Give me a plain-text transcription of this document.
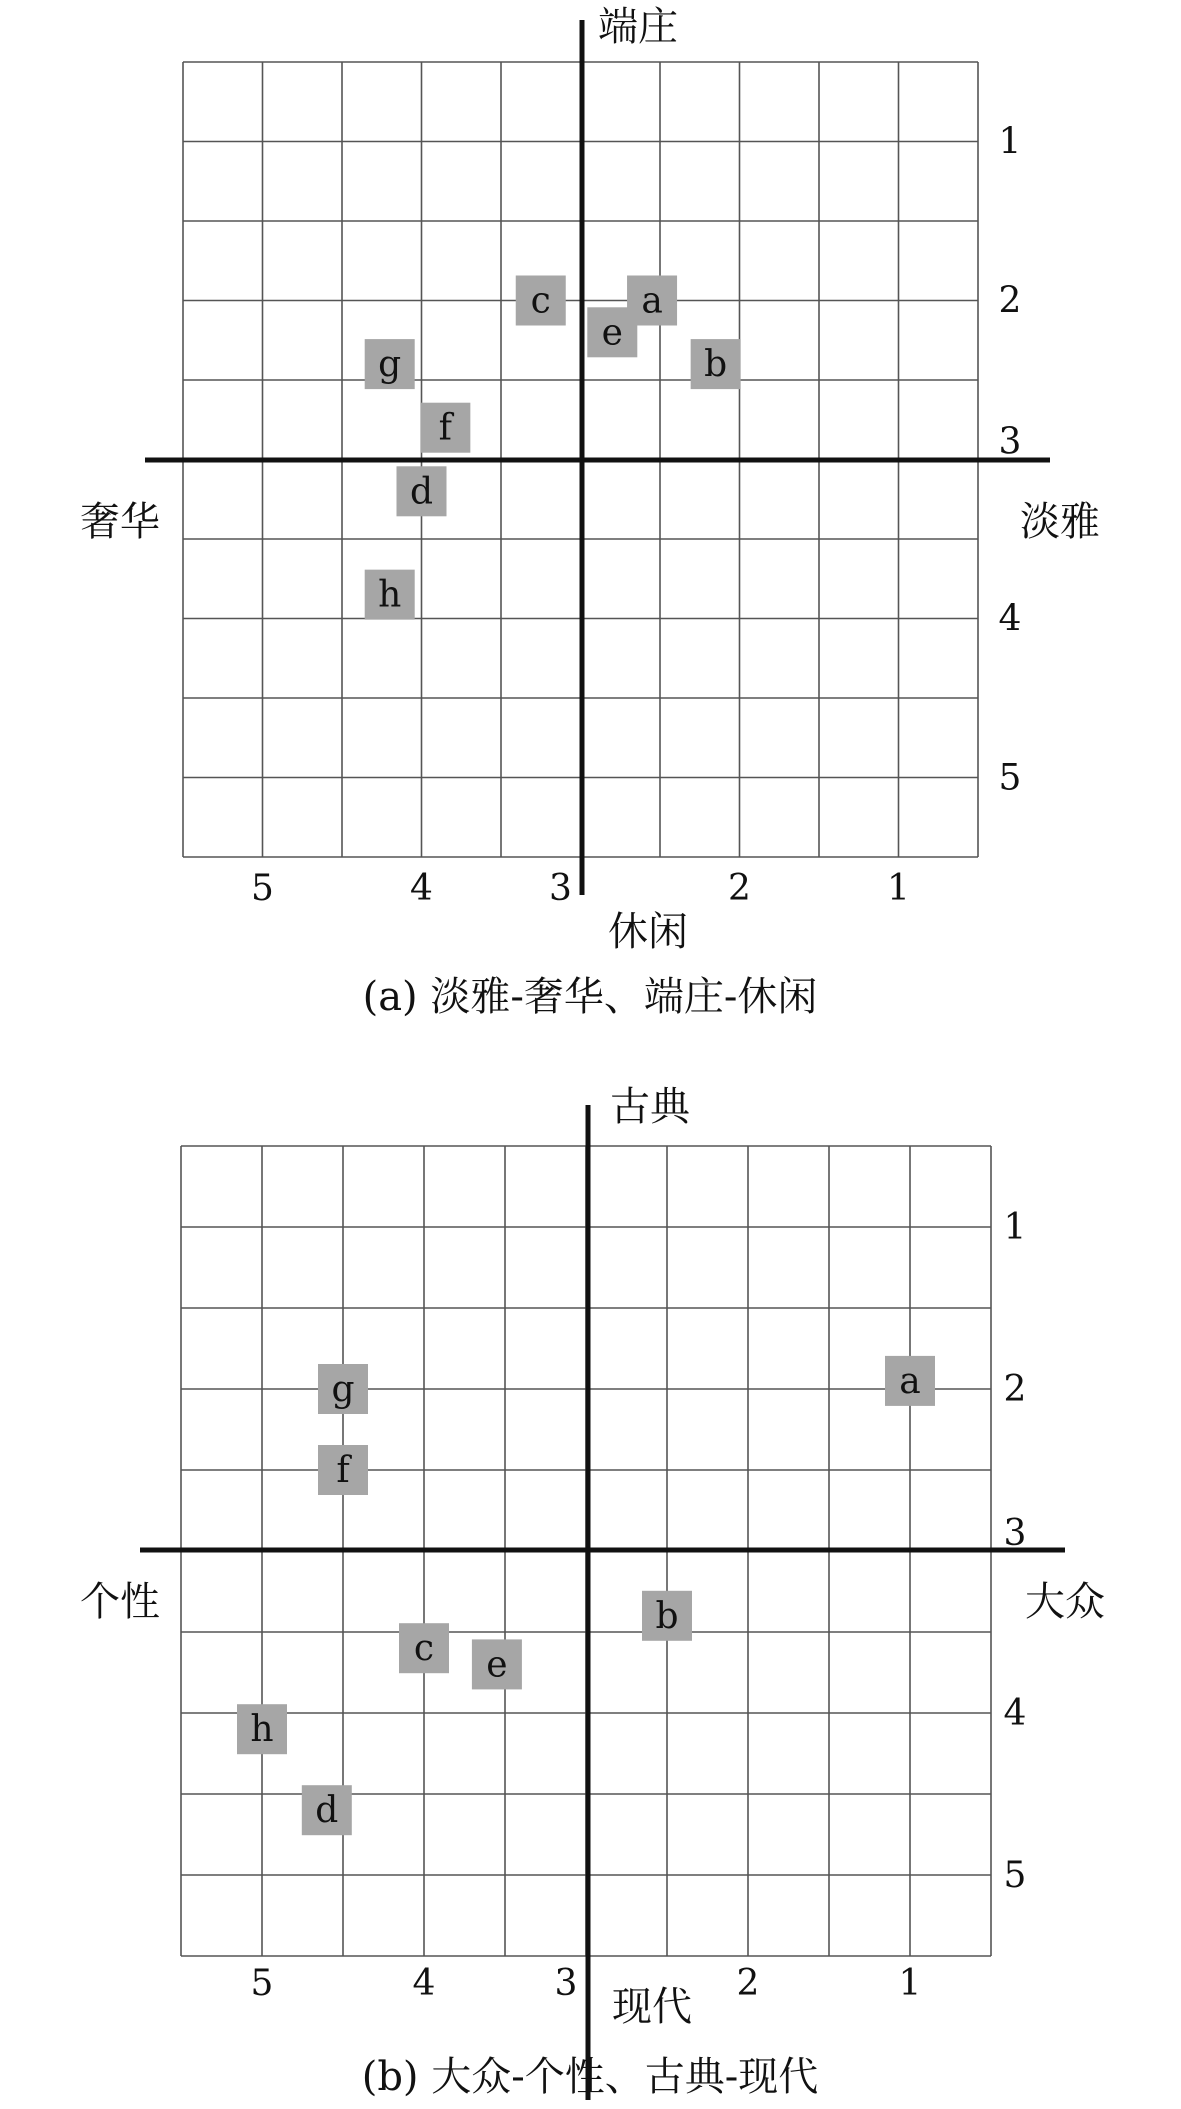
5	4	3	2	1
1
2
3
4
5
端庄
休闲
奢华	淡雅
a
b
c
d
e
f
g
h
(a) 淡雅-奢华、端庄-休闲
5	4	3	2	1
1
2
3
4
5
古典
现代
个性	大众
a
b
c
d
e
f
g
h
(b) 大众-个性、古典-现代
